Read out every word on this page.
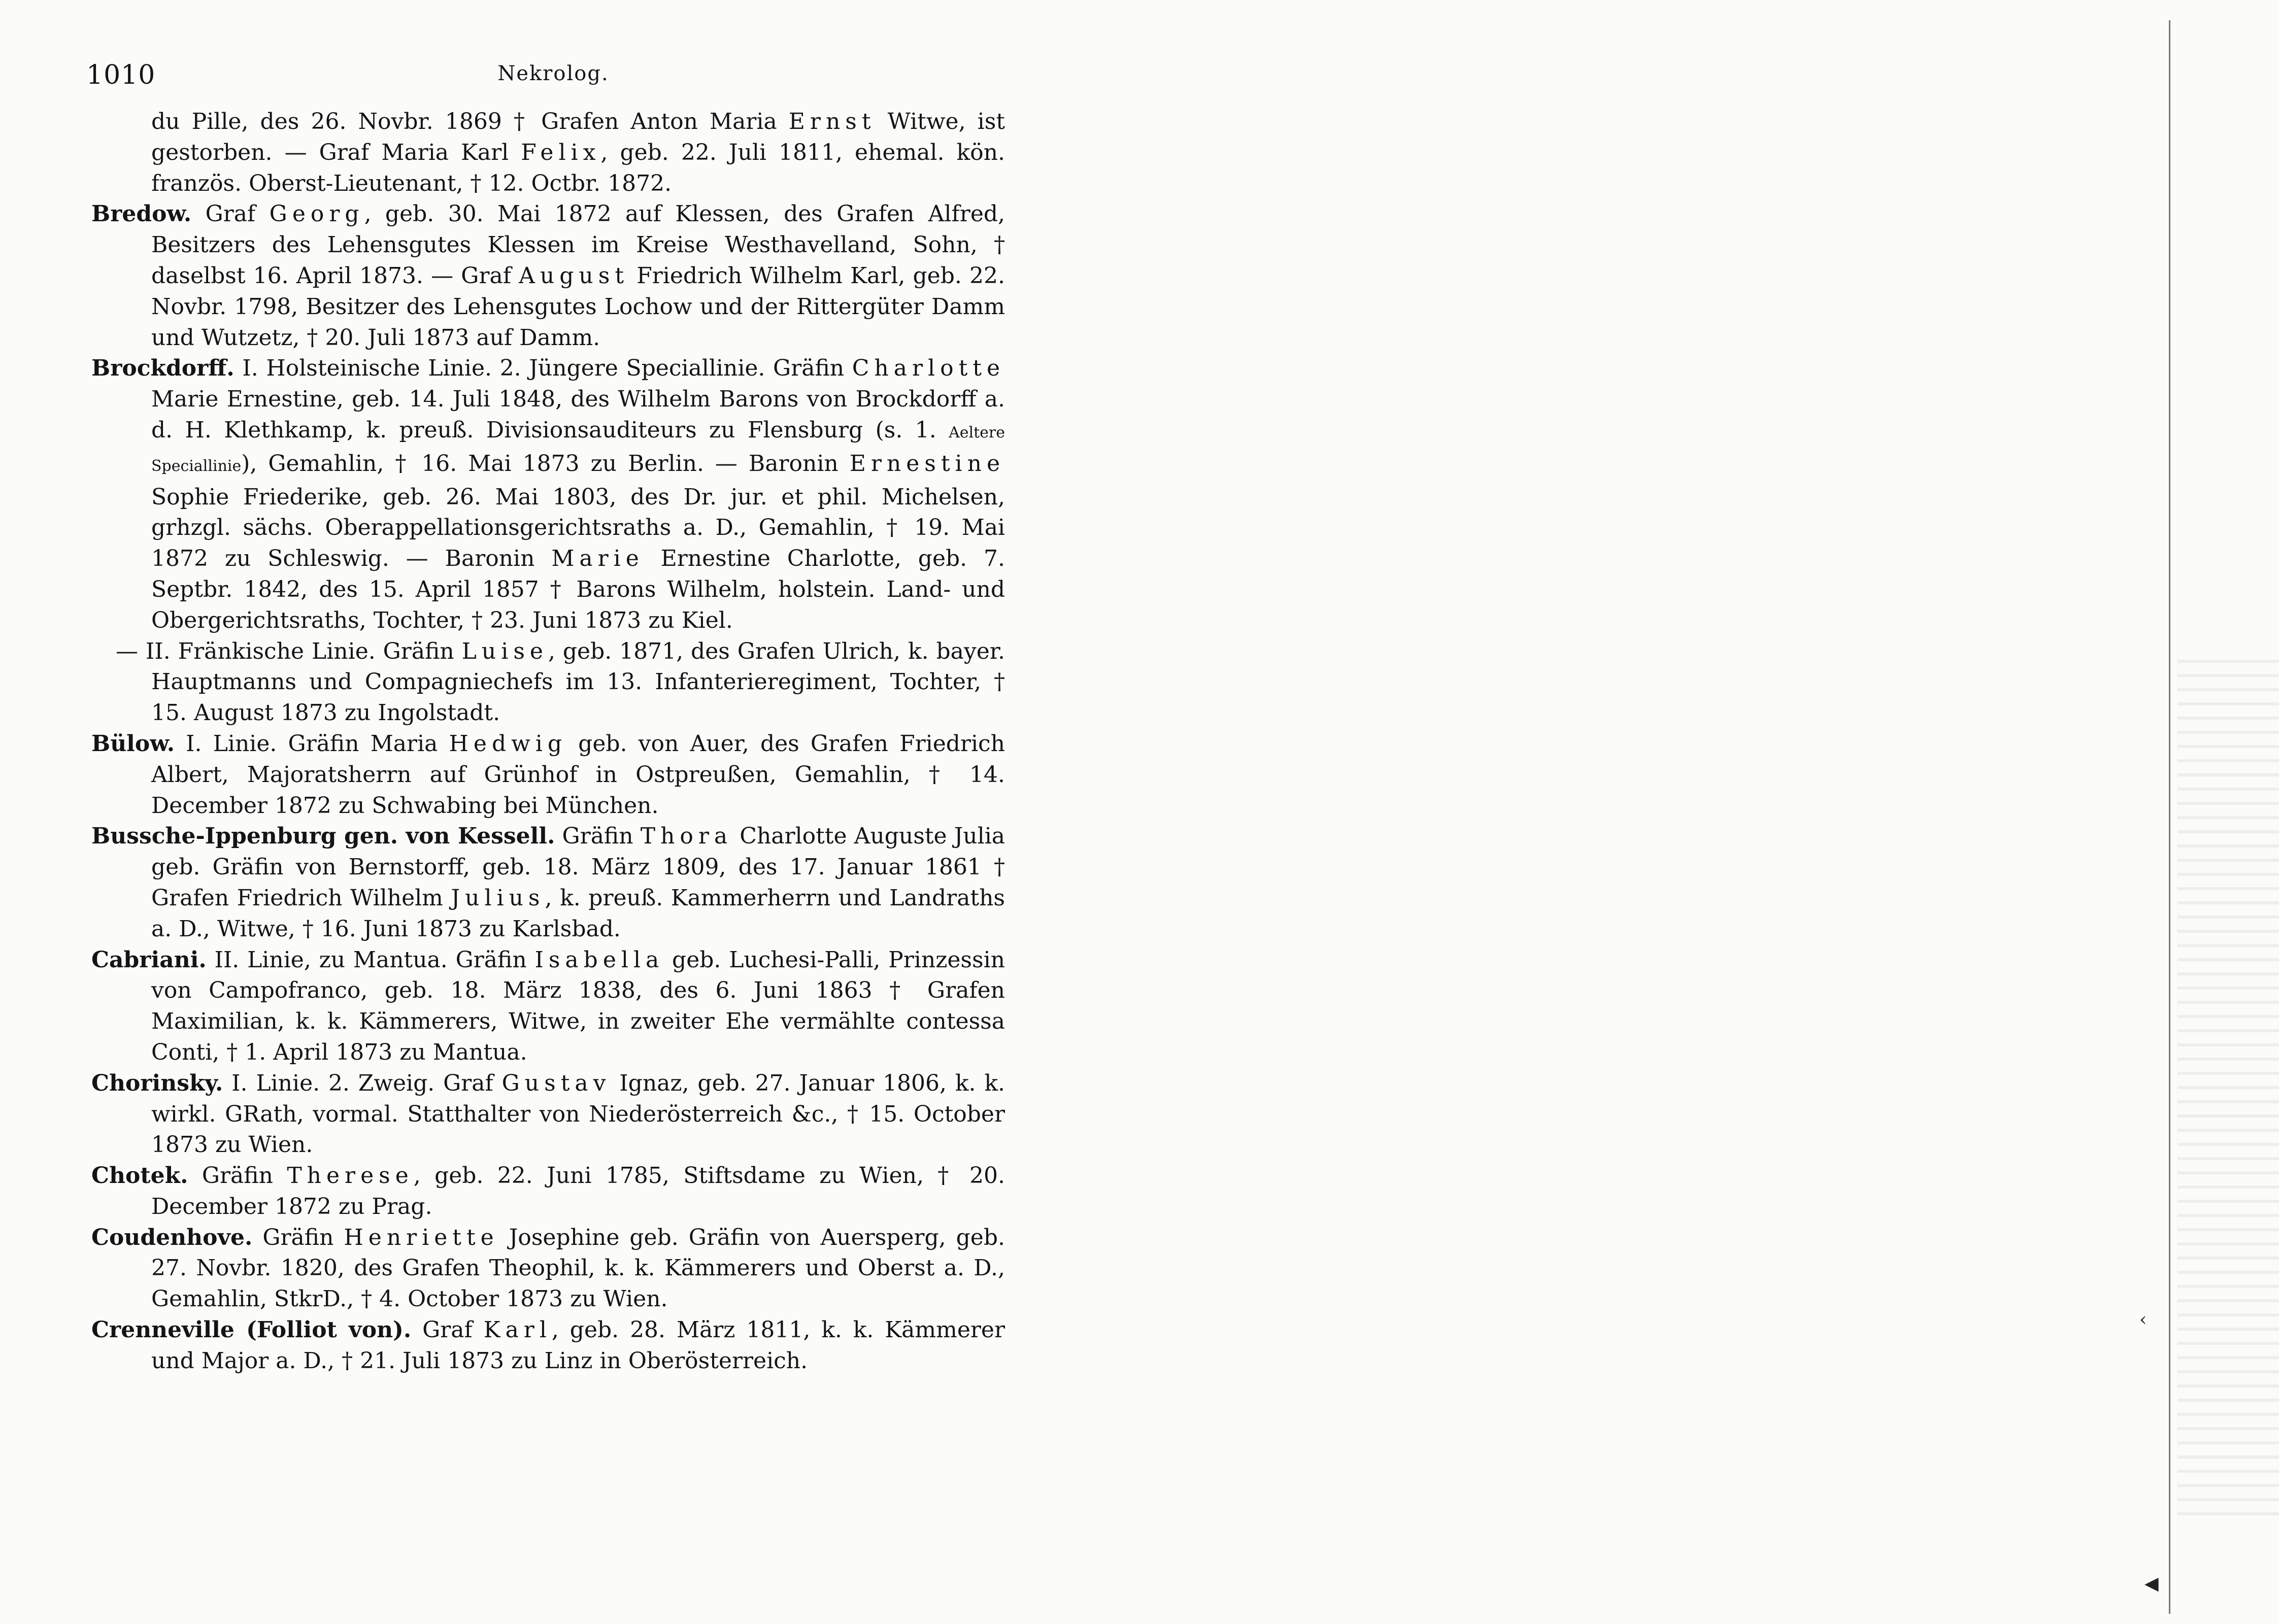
1010	Nekrolog.

du Pille, des 26. Novbr. 1869 † Grafen Anton Maria Ernst Witwe, ist gestorben. — Graf Maria Karl Felix, geb. 22. Juli 1811, ehemal. kön. französ. Oberst-Lieutenant, † 12. Octbr. 1872.

Bredow. Graf Georg, geb. 30. Mai 1872 auf Klessen, des Grafen Alfred, Besitzers des Lehensgutes Klessen im Kreise Westhavelland, Sohn, † daselbst 16. April 1873. — Graf August Friedrich Wilhelm Karl, geb. 22. Novbr. 1798, Besitzer des Lehensgutes Lochow und der Rittergüter Damm und Wutzetz, † 20. Juli 1873 auf Damm.

Brockdorff. I. Holsteinische Linie. 2. Jüngere Speciallinie. Gräfin Charlotte Marie Ernestine, geb. 14. Juli 1848, des Wilhelm Barons von Brockdorff a. d. H. Klethkamp, k. preuß. Divisionsauditeurs zu Flensburg (s. 1. Aeltere Speciallinie), Gemahlin, † 16. Mai 1873 zu Berlin. — Baronin Ernestine Sophie Friederike, geb. 26. Mai 1803, des Dr. jur. et phil. Michelsen, grhzgl. sächs. Oberappellationsgerichtsraths a. D., Gemahlin, † 19. Mai 1872 zu Schleswig. — Baronin Marie Ernestine Charlotte, geb. 7. Septbr. 1842, des 15. April 1857 † Barons Wilhelm, holstein. Land- und Obergerichtsraths, Tochter, † 23. Juni 1873 zu Kiel.

— II. Fränkische Linie. Gräfin Luise, geb. 1871, des Grafen Ulrich, k. bayer. Hauptmanns und Compagniechefs im 13. Infanterieregiment, Tochter, † 15. August 1873 zu Ingolstadt.

Bülow. I. Linie. Gräfin Maria Hedwig geb. von Auer, des Grafen Friedrich Albert, Majoratsherrn auf Grünhof in Ostpreußen, Gemahlin, † 14. December 1872 zu Schwabing bei München.

Bussche-Ippenburg gen. von Kessell. Gräfin Thora Charlotte Auguste Julia geb. Gräfin von Bernstorff, geb. 18. März 1809, des 17. Januar 1861 † Grafen Friedrich Wilhelm Julius, k. preuß. Kammerherrn und Landraths a. D., Witwe, † 16. Juni 1873 zu Karlsbad.

Cabriani. II. Linie, zu Mantua. Gräfin Isabella geb. Luchesi-Palli, Prinzessin von Campofranco, geb. 18. März 1838, des 6. Juni 1863 † Grafen Maximilian, k. k. Kämmerers, Witwe, in zweiter Ehe vermählte contessa Conti, † 1. April 1873 zu Mantua.

Chorinsky. I. Linie. 2. Zweig. Graf Gustav Ignaz, geb. 27. Januar 1806, k. k. wirkl. GRath, vormal. Statthalter von Niederösterreich &c., † 15. October 1873 zu Wien.

Chotek. Gräfin Therese, geb. 22. Juni 1785, Stiftsdame zu Wien, † 20. December 1872 zu Prag.

Coudenhove. Gräfin Henriette Josephine geb. Gräfin von Auersperg, geb. 27. Novbr. 1820, des Grafen Theophil, k. k. Kämmerers und Oberst a. D., Gemahlin, StkrD., † 4. October 1873 zu Wien.

Crenneville (Folliot von). Graf Karl, geb. 28. März 1811, k. k. Kämmerer und Major a. D., † 21. Juli 1873 zu Linz in Oberösterreich.

‹
◀
